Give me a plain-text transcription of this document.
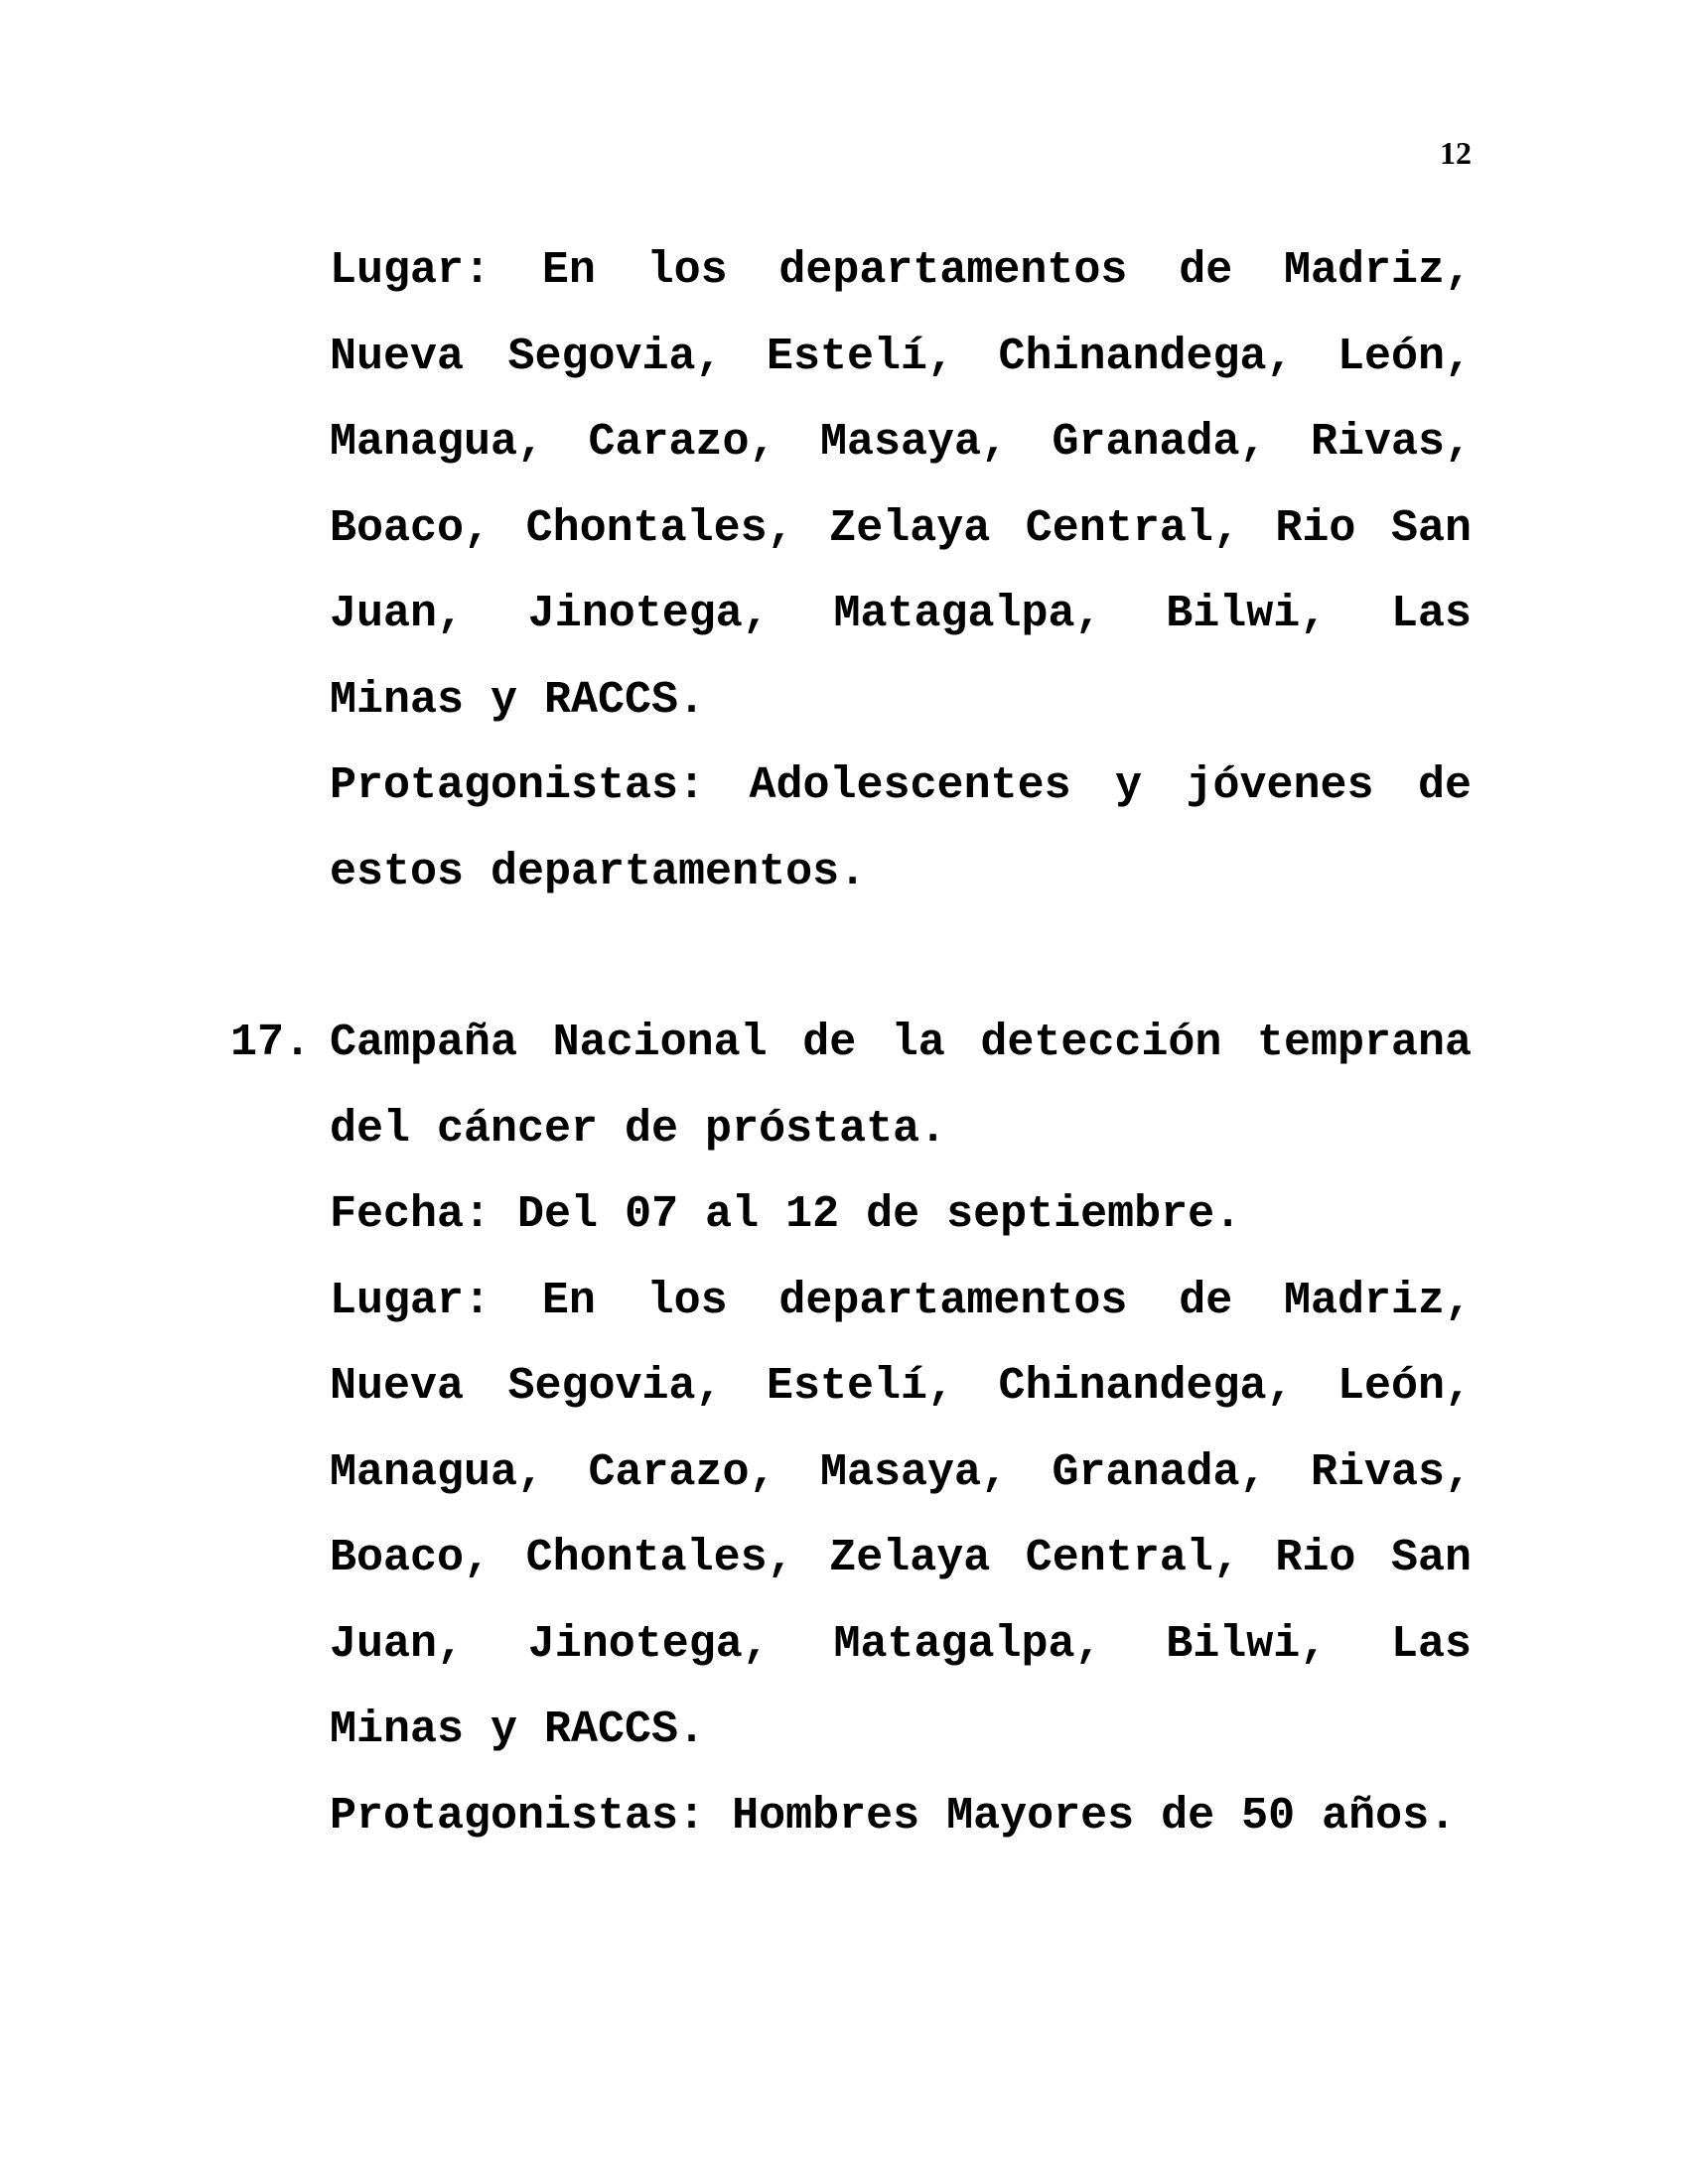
12

Lugar: En los departamentos de Madriz, Nueva Segovia, Estelí, Chinandega, León, Managua, Carazo, Masaya, Granada, Rivas, Boaco, Chontales, Zelaya Central, Rio San Juan, Jinotega, Matagalpa, Bilwi, Las Minas y RACCS.

Protagonistas: Adolescentes y jóvenes de estos departamentos.

17. Campaña Nacional de la detección temprana del cáncer de próstata.

Fecha: Del 07 al 12 de septiembre.

Lugar: En los departamentos de Madriz, Nueva Segovia, Estelí, Chinandega, León, Managua, Carazo, Masaya, Granada, Rivas, Boaco, Chontales, Zelaya Central, Rio San Juan, Jinotega, Matagalpa, Bilwi, Las Minas y RACCS.

Protagonistas: Hombres Mayores de 50 años.
